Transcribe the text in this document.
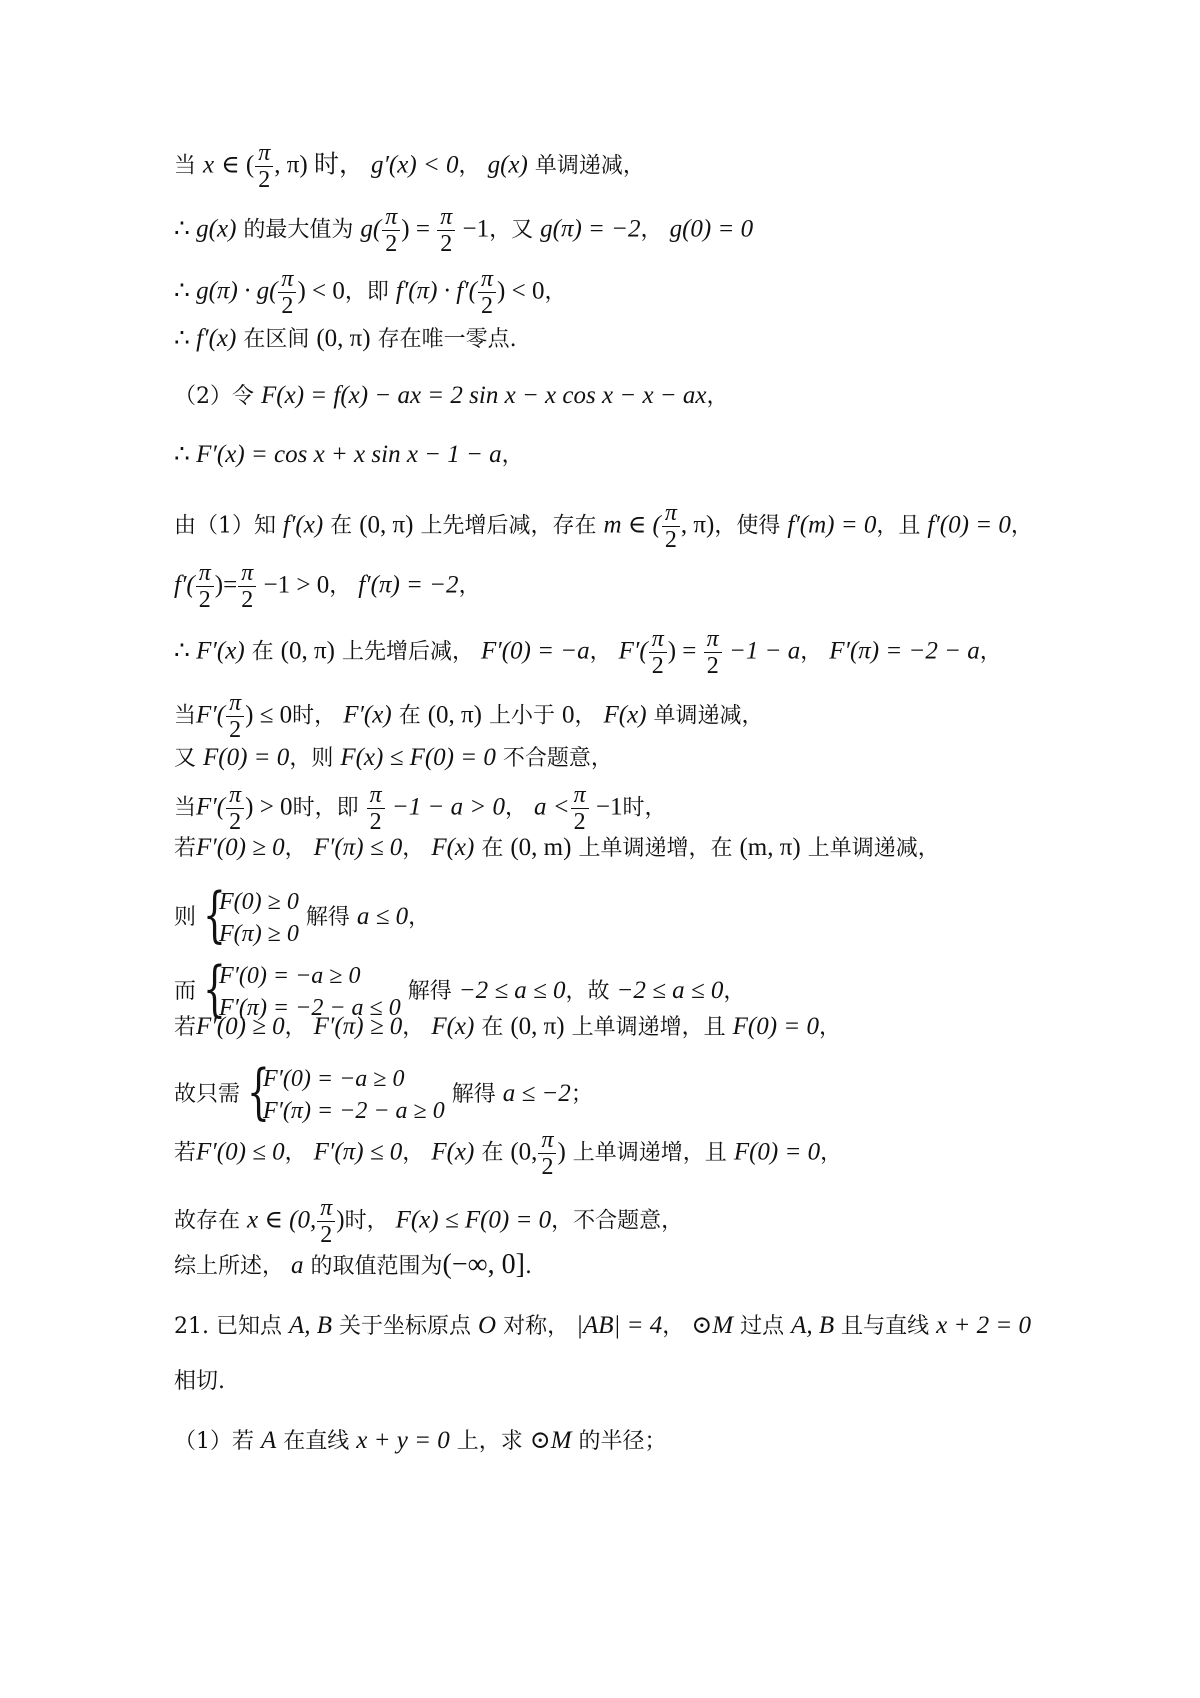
当 x ∈ ( $\frac{\pi}{2}$ , π) 时， g′(x) < 0， g(x) 单调递减，
∴ g(x) 的最大值为 $g( \frac{\pi}{2}$ ) = $\frac{\pi}{2} -1$，又 g(π) = −2， g(0) = 0
∴ $g(\pi) \cdot g( \frac{\pi}{2}$ ) < 0，即 $f'(\pi) \cdot f'( \frac{\pi}{2}$ ) < 0，
∴ f′(x) 在区间 (0, π) 存在唯一零点.
（2）令 F(x) = f(x) − ax = 2 sin x − x cos x − x − ax，
∴ F′(x) = cos x + x sin x − 1 − a，
由（1）知 f′(x) 在 (0, π) 上先增后减，存在 m ∈ ( $\frac{\pi}{2}$ , π)，使得 f′(m) = 0，且 f′(0) = 0，
$f'( \frac{\pi}{2}$ )= $\frac{\pi}{2} -1 > 0$， f′(π) = −2，
∴ F′(x) 在 (0, π) 上先增后减， F′(0) = −a， $F'( \frac{\pi}{2}$ ) = $\frac{\pi}{2} -1 - a$， F′(π) = −2 − a，
当$F'( \frac{\pi}{2}$ ) ≤ 0时， F′(x) 在 (0, π) 上小于 0， F(x) 单调递减，
又 F(0) = 0，则 F(x) ≤ F(0) = 0 不合题意，
当$F'( \frac{\pi}{2}$ ) > 0时，即 $\frac{\pi}{2} -1 - a > 0$， $a < \frac{\pi}{2} -1$时，
若F′(0) ≥ 0， F′(π) ≤ 0， F(x) 在 (0, m) 上单调递增，在 (m, π) 上单调递减，
则 {
F(0) ≥ 0
F(π) ≥ 0
解得 a ≤ 0，
而 {
F′(0) = −a ≥ 0
F′(π) = −2 − a ≤ 0
解得 −2 ≤ a ≤ 0，故 −2 ≤ a ≤ 0，
若F′(0) ≥ 0， F′(π) ≥ 0， F(x) 在 (0, π) 上单调递增，且 F(0) = 0，
故只需 {
F′(0) = −a ≥ 0
F′(π) = −2 − a ≥ 0
解得 a ≤ −2；
若F′(0) ≤ 0， F′(π) ≤ 0， F(x) 在 (0, $\frac{\pi}{2}$ ) 上单调递增，且 F(0) = 0，
故存在 x ∈ (0, $\frac{\pi}{2}$ )时， F(x) ≤ F(0) = 0，不合题意，
综上所述， a 的取值范围为(−∞, 0].
21. 已知点 A, B 关于坐标原点 O 对称， |AB| = 4， ⊙M 过点 A, B 且与直线 x + 2 = 0
相切.
（1）若 A 在直线 x + y = 0 上，求 ⊙M 的半径；
